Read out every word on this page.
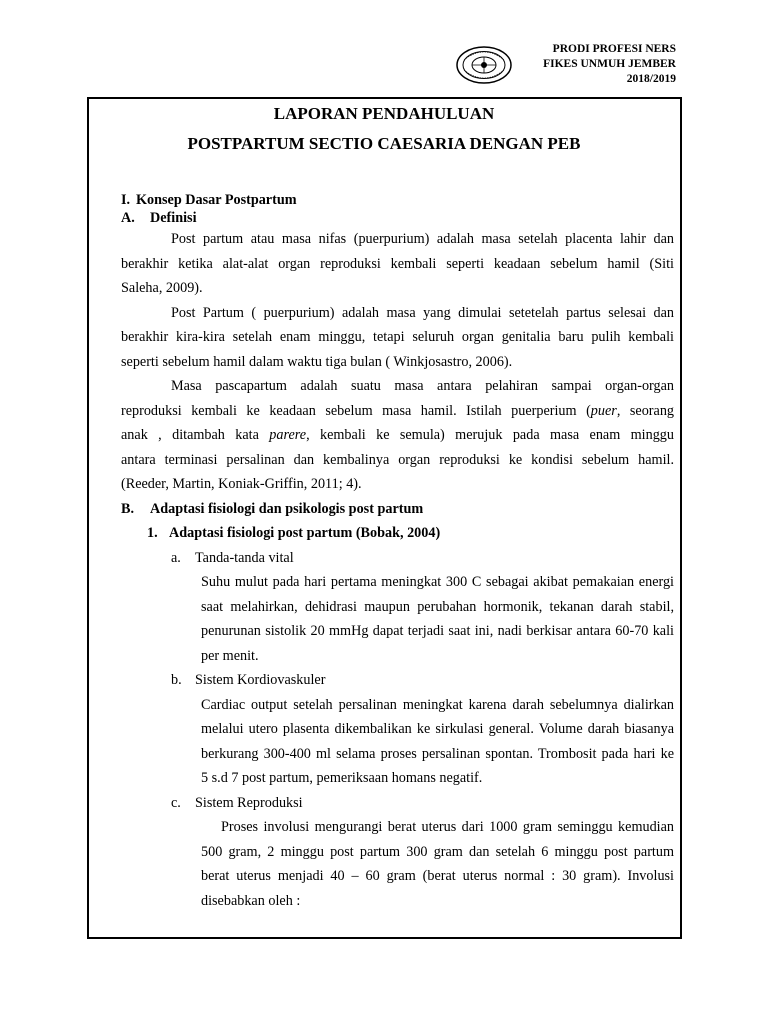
PRODI PROFESI NERS
FIKES UNMUH JEMBER
2018/2019
LAPORAN PENDAHULUAN
POSTPARTUM SECTIO CAESARIA DENGAN PEB
I. Konsep Dasar Postpartum
A. Definisi
Post partum atau masa nifas (puerpurium) adalah masa setelah placenta lahir dan
berakhir ketika alat-alat organ reproduksi kembali seperti keadaan sebelum hamil (Siti
Saleha, 2009).
Post Partum ( puerpurium) adalah masa yang dimulai setetelah partus selesai dan
berakhir kira-kira setelah enam minggu, tetapi seluruh organ genitalia baru pulih kembali
seperti sebelum hamil dalam waktu tiga bulan ( Winkjosastro, 2006).
Masa pascapartum adalah suatu masa antara pelahiran sampai organ-organ
reproduksi kembali ke keadaan sebelum masa hamil. Istilah puerperium (puer, seorang
anak , ditambah kata parere, kembali ke semula) merujuk pada masa enam minggu
antara terminasi persalinan dan kembalinya organ reproduksi ke kondisi sebelum hamil.
(Reeder, Martin, Koniak-Griffin, 2011; 4).
B. Adaptasi fisiologi dan psikologis post partum
1. Adaptasi fisiologi post partum (Bobak, 2004)
a. Tanda-tanda vital
Suhu mulut pada hari pertama meningkat 300 C sebagai akibat pemakaian energi
saat melahirkan, dehidrasi maupun perubahan hormonik, tekanan darah stabil,
penurunan sistolik 20 mmHg dapat terjadi saat ini, nadi berkisar antara 60-70 kali
per menit.
b. Sistem Kordiovaskuler
Cardiac output setelah persalinan meningkat karena darah sebelumnya dialirkan
melalui utero plasenta dikembalikan ke sirkulasi general. Volume darah biasanya
berkurang 300-400 ml selama proses persalinan spontan. Trombosit pada hari ke
5 s.d 7 post partum, pemeriksaan homans negatif.
c. Sistem Reproduksi
Proses involusi mengurangi berat uterus dari 1000 gram seminggu kemudian
500 gram, 2 minggu post partum 300 gram dan setelah 6 minggu post partum
berat uterus menjadi 40 – 60 gram (berat uterus normal : 30 gram). Involusi
disebabkan oleh :
